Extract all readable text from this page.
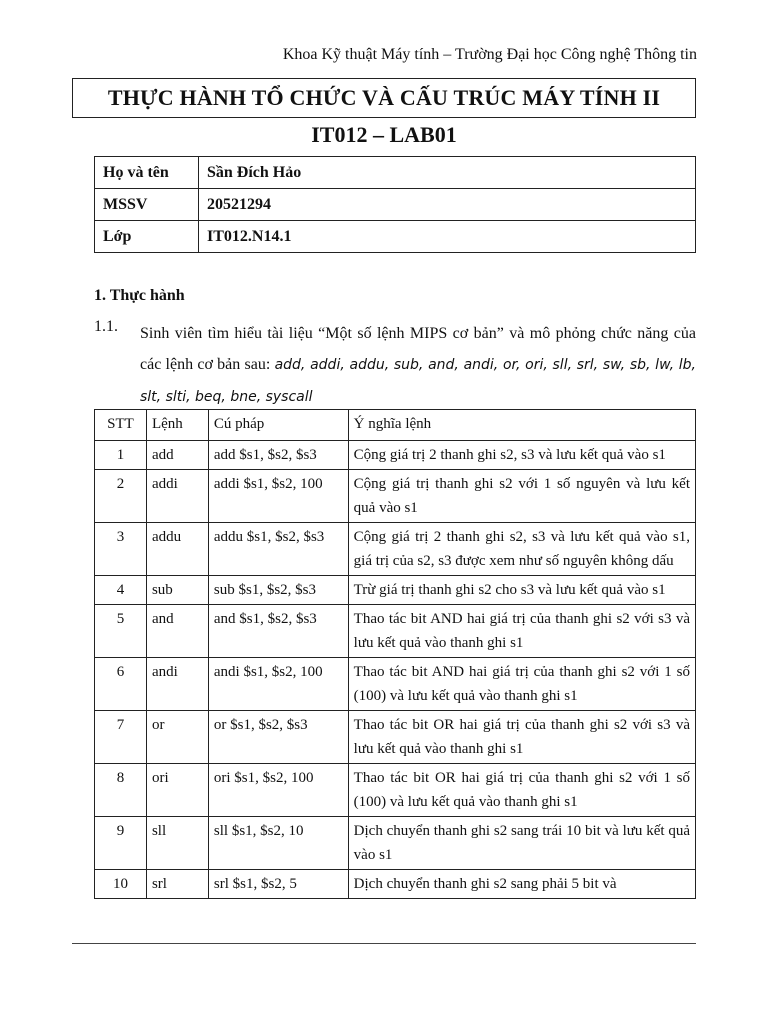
Khoa Kỹ thuật Máy tính – Trường Đại học Công nghệ Thông tin
THỰC HÀNH TỔ CHỨC VÀ CẤU TRÚC MÁY TÍNH II
IT012 – LAB01
Họ và tên	Sần Đích Hảo
MSSV	20521294
Lớp	IT012.N14.1
1. Thực hành
1.1. Sinh viên tìm hiểu tài liệu “Một số lệnh MIPS cơ bản” và mô phỏng chức năng của các lệnh cơ bản sau: add, addi, addu, sub, and, andi, or, ori, sll, srl, sw, sb, lw, lb, slt, slti, beq, bne, syscall
STT	Lệnh	Cú pháp	Ý nghĩa lệnh
1	add	add $s1, $s2, $s3	Cộng giá trị 2 thanh ghi s2, s3 và lưu kết quả vào s1
2	addi	addi $s1, $s2, 100	Cộng giá trị thanh ghi s2 với 1 số nguyên và lưu kết quả vào s1
3	addu	addu $s1, $s2, $s3	Cộng giá trị 2 thanh ghi s2, s3 và lưu kết quả vào s1, giá trị của s2, s3 được xem như số nguyên không dấu
4	sub	sub $s1, $s2, $s3	Trừ giá trị thanh ghi s2 cho s3 và lưu kết quả vào s1
5	and	and $s1, $s2, $s3	Thao tác bit AND hai giá trị của thanh ghi s2 với s3 và lưu kết quả vào thanh ghi s1
6	andi	andi $s1, $s2, 100	Thao tác bit AND hai giá trị của thanh ghi s2 với 1 số (100) và lưu kết quả vào thanh ghi s1
7	or	or $s1, $s2, $s3	Thao tác bit OR hai giá trị của thanh ghi s2 với s3 và lưu kết quả vào thanh ghi s1
8	ori	ori $s1, $s2, 100	Thao tác bit OR hai giá trị của thanh ghi s2 với 1 số (100) và lưu kết quả vào thanh ghi s1
9	sll	sll $s1, $s2, 10	Dịch chuyển thanh ghi s2 sang trái 10 bit và lưu kết quả vào s1
10	srl	srl $s1, $s2, 5	Dịch chuyển thanh ghi s2 sang phải 5 bit và
